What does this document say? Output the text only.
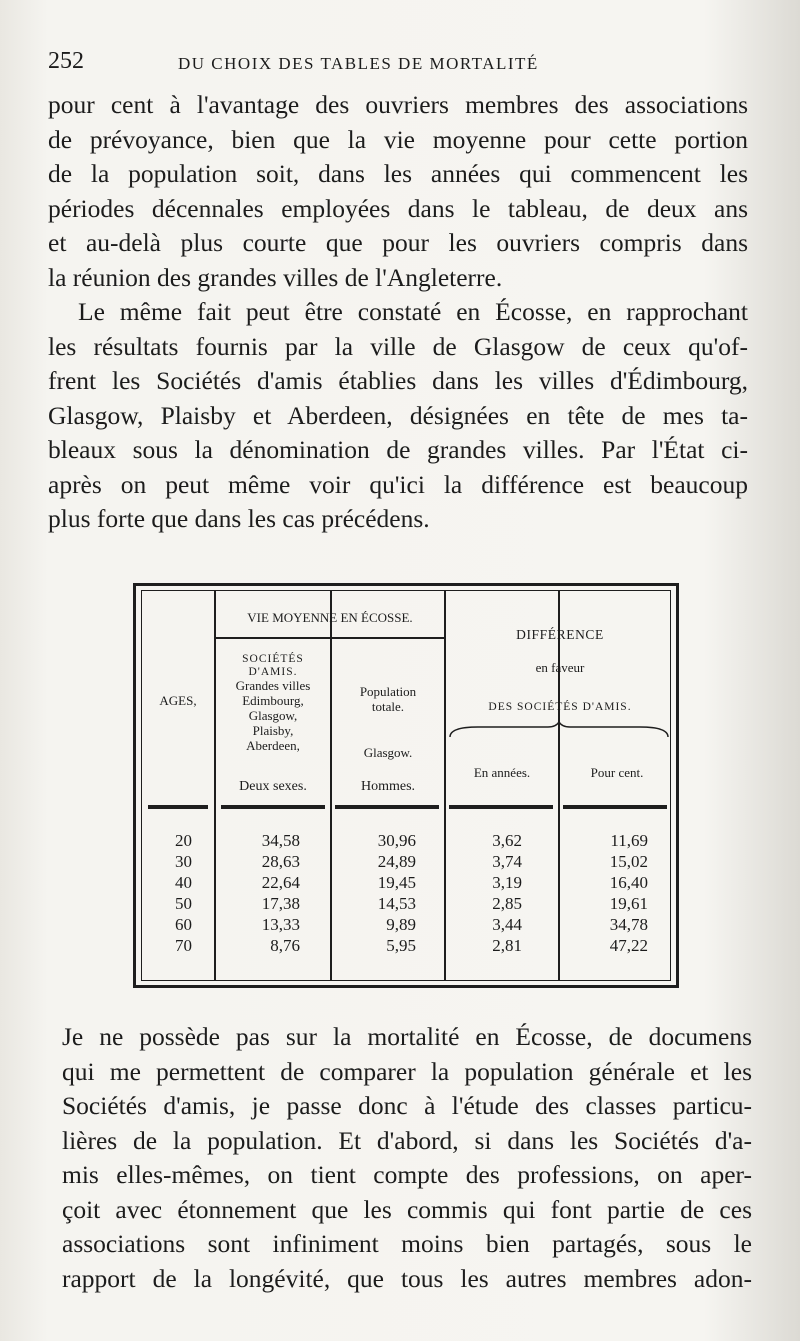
252	DU CHOIX DES TABLES DE MORTALITÉ

pour cent à l'avantage des ouvriers membres des associations
de prévoyance, bien que la vie moyenne pour cette portion
de la population soit, dans les années qui commencent les
périodes décennales employées dans le tableau, de deux ans
et au-delà plus courte que pour les ouvriers compris dans
la réunion des grandes villes de l'Angleterre.

Le même fait peut être constaté en Écosse, en rapprochant
les résultats fournis par la ville de Glasgow de ceux qu'of-
frent les Sociétés d'amis établies dans les villes d'Édimbourg,
Glasgow, Plaisby et Aberdeen, désignées en tête de mes ta-
bleaux sous la dénomination de grandes villes. Par l'État ci-
après on peut même voir qu'ici la différence est beaucoup
plus forte que dans les cas précédens.

AGES,
VIE MOYENNE EN ÉCOSSE.
SOCIÉTÉS
D'AMIS.
Grandes villes
Edimbourg,
Glasgow,
Plaisby,
Aberdeen,
Deux sexes.
Population
totale.
Glasgow.
Hommes.
DIFFÉRENCE
en faveur
DES SOCIÉTÉS D'AMIS.
En années.	Pour cent.
20
30
40
50
60
70
34,58
28,63
22,64
17,38
13,33
8,76
30,96
24,89
19,45
14,53
9,89
5,95
3,62
3,74
3,19
2,85
3,44
2,81
11,69
15,02
16,40
19,61
34,78
47,22

Je ne possède pas sur la mortalité en Écosse, de documens
qui me permettent de comparer la population générale et les
Sociétés d'amis, je passe donc à l'étude des classes particu-
lières de la population. Et d'abord, si dans les Sociétés d'a-
mis elles-mêmes, on tient compte des professions, on aper-
çoit avec étonnement que les commis qui font partie de ces
associations sont infiniment moins bien partagés, sous le
rapport de la longévité, que tous les autres membres adon-
